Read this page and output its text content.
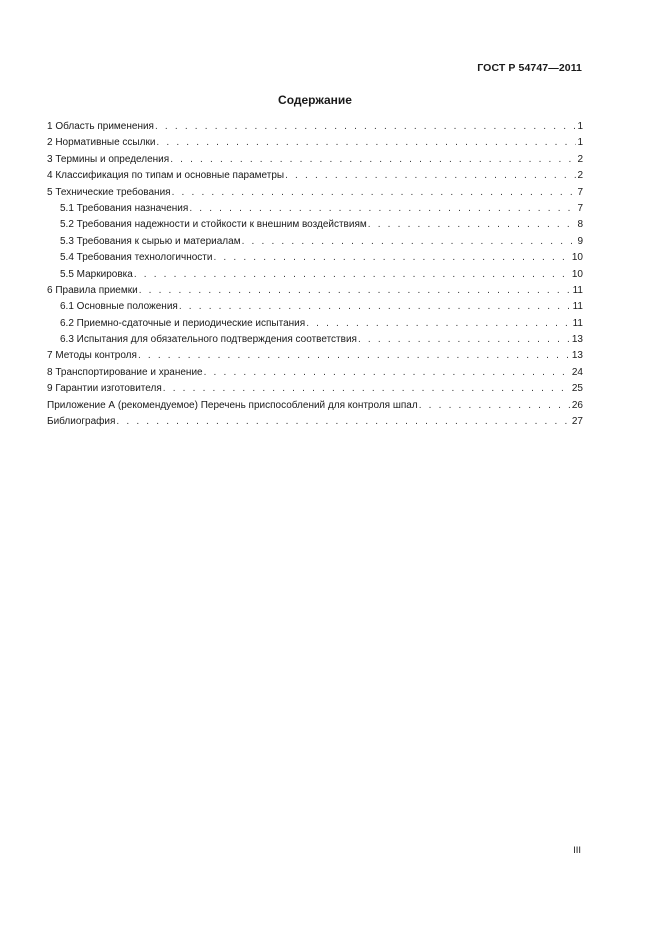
ГОСТ Р 54747—2011
Содержание
1 Область применения . . .	1
2 Нормативные ссылки . . .	1
3 Термины и определения . . .	2
4 Классификация по типам и основные параметры . . .	2
5 Технические требования . . .	7
5.1 Требования назначения . . .	7
5.2 Требования надежности и стойкости к внешним воздействиям . . .	8
5.3 Требования к сырью и материалам . . .	9
5.4 Требования технологичности . . .	10
5.5 Маркировка . . .	10
6 Правила приемки . . .	11
6.1 Основные положения . . .	11
6.2 Приемно-сдаточные и периодические испытания . . .	11
6.3 Испытания для обязательного подтверждения соответствия . . .	13
7 Методы контроля . . .	13
8 Транспортирование и хранение . . .	24
9 Гарантии изготовителя . . .	25
Приложение А (рекомендуемое) Перечень приспособлений для контроля шпал . . .	26
Библиография . . .	27
III
